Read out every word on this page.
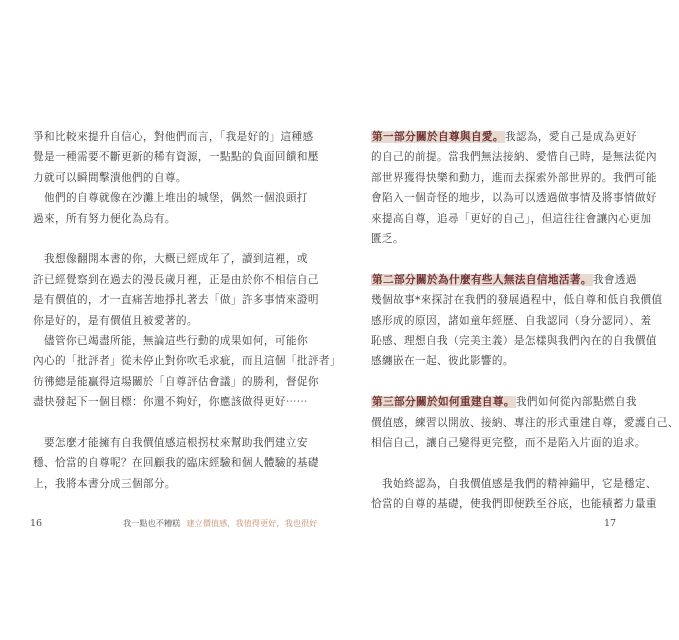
爭和比較來提升自信心，對他們而言，「我是好的」這種感
覺是一種需要不斷更新的稀有資源，一點點的負面回饋和壓
力就可以瞬間擊潰他們的自尊。

　他們的自尊就像在沙灘上堆出的城堡，偶然一個浪頭打
過來，所有努力便化為烏有。

　我想像翻開本書的你，大概已經成年了，讀到這裡，或
許已經覺察到在過去的漫長歲月裡，正是由於你不相信自己
是有價值的，才一直痛苦地掙扎著去「做」許多事情來證明
你是好的，是有價值且被愛著的。

　儘管你已竭盡所能，無論這些行動的成果如何，可能你
內心的「批評者」從未停止對你吹毛求疵，而且這個「批評者」
彷彿總是能贏得這場關於「自尊評估會議」的勝利，督促你
盡快發起下一個目標：你還不夠好，你應該做得更好⋯⋯

　要怎麼才能擁有自我價值感這根拐杖來幫助我們建立安
穩、恰當的自尊呢？在回顧我的臨床經驗和個人體驗的基礎
上，我將本書分成三個部分。

第一部分關於自尊與自愛。我認為，愛自己是成為更好
的自己的前提。當我們無法接納、愛惜自己時，是無法從內
部世界獲得快樂和動力，進而去探索外部世界的。我們可能
會陷入一個奇怪的地步，以為可以透過做事情及將事情做好
來提高自尊，追尋「更好的自己」，但這往往會讓內心更加
匱乏。

第二部分關於為什麼有些人無法自信地活著。我會透過
幾個故事*來探討在我們的發展過程中，低自尊和低自我價值
感形成的原因，諸如童年經歷、自我認同（身分認同）、羞
恥感、理想自我（完美主義）是怎樣與我們內在的自我價值
感纏嵌在一起、彼此影響的。

第三部分關於如何重建自尊。我們如何從內部點燃自我
價值感，練習以開放、接納、專注的形式重建自尊，愛護自己、
相信自己，讓自己變得更完整，而不是陷入片面的追求。

　我始終認為，自我價值感是我們的精神錨甲，它是穩定、
恰當的自尊的基礎，使我們即便跌至谷底，也能積蓄力量重

16	我一點也不糟糕 建立價值感，我值得更好，我也很好	17
